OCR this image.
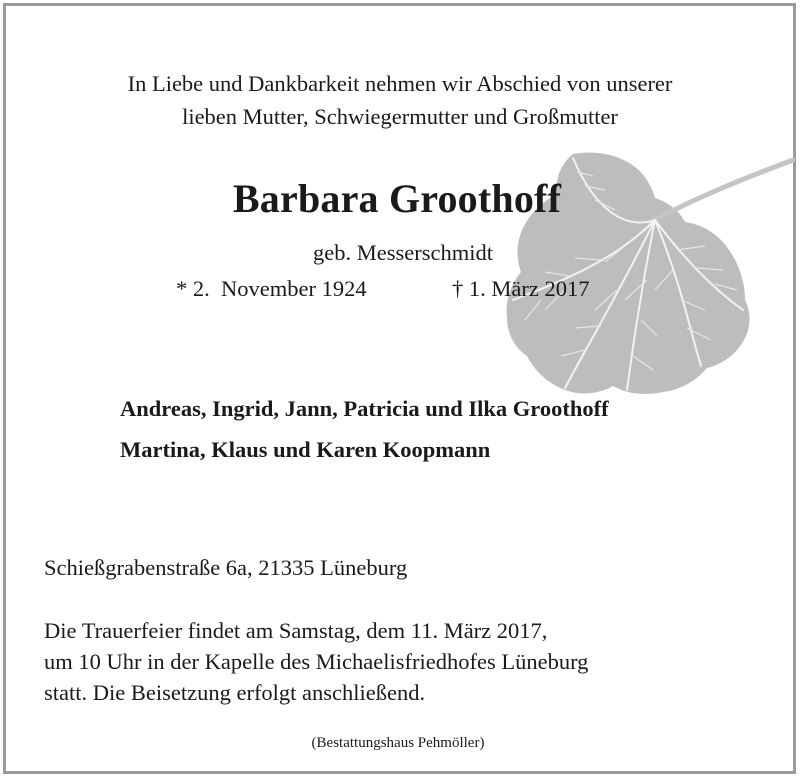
In Liebe und Dankbarkeit nehmen wir Abschied von unserer
lieben Mutter, Schwiegermutter und Großmutter
Barbara Groothoff
geb. Messerschmidt
* 2.  November 1924	† 1. März 2017
Andreas, Ingrid, Jann, Patricia und Ilka Groothoff
Martina, Klaus und Karen Koopmann
Schießgrabenstraße 6a, 21335 Lüneburg
Die Trauerfeier findet am Samstag, dem 11. März 2017,
um 10 Uhr in der Kapelle des Michaelisfriedhofes Lüneburg
statt. Die Beisetzung erfolgt anschließend.
(Bestattungshaus Pehmöller)
